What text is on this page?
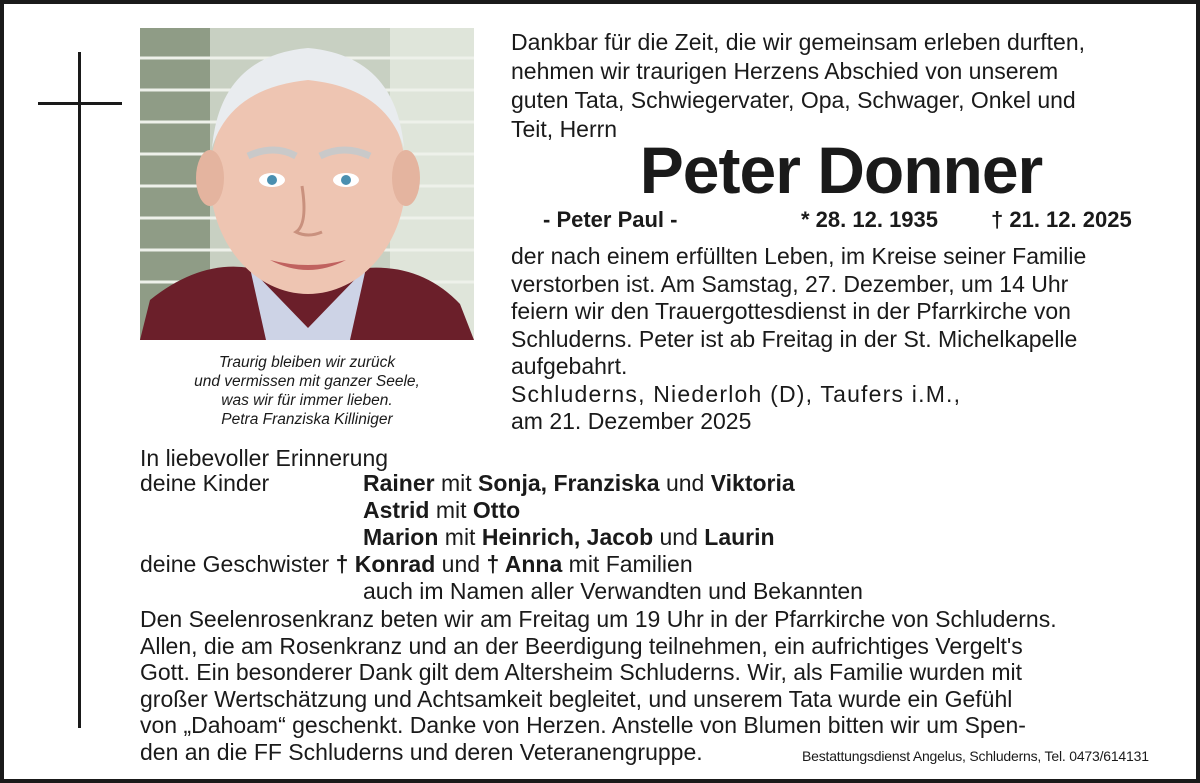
Traurig bleiben wir zurück
und vermissen mit ganzer Seele,
was wir für immer lieben.
Petra Franziska Killiniger
Dankbar für die Zeit, die wir gemeinsam erleben durften,
nehmen wir traurigen Herzens Abschied von unserem
guten Tata, Schwiegervater, Opa, Schwager, Onkel und
Teit, Herrn
Peter Donner
- Peter Paul -	* 28. 12. 1935 † 21. 12. 2025
der nach einem erfüllten Leben, im Kreise seiner Familie
verstorben ist. Am Samstag, 27. Dezember, um 14 Uhr
feiern wir den Trauergottesdienst in der Pfarrkirche von
Schluderns. Peter ist ab Freitag in der St. Michelkapelle
aufgebahrt.
Schluderns, Niederloh (D), Taufers i.M.,
am 21. Dezember 2025
In liebevoller Erinnerung
deine Kinder	Rainer mit Sonja, Franziska und Viktoria
Astrid mit Otto
Marion mit Heinrich, Jacob und Laurin
deine Geschwister † Konrad und † Anna mit Familien
auch im Namen aller Verwandten und Bekannten
Den Seelenrosenkranz beten wir am Freitag um 19 Uhr in der Pfarrkirche von Schluderns.
Allen, die am Rosenkranz und an der Beerdigung teilnehmen, ein aufrichtiges Vergelt's
Gott. Ein besonderer Dank gilt dem Altersheim Schluderns. Wir, als Familie wurden mit
großer Wertschätzung und Achtsamkeit begleitet, und unserem Tata wurde ein Gefühl
von „Dahoam“ geschenkt. Danke von Herzen. Anstelle von Blumen bitten wir um Spen-
den an die FF Schluderns und deren Veteranengruppe.	Bestattungsdienst Angelus, Schluderns, Tel. 0473/614131
